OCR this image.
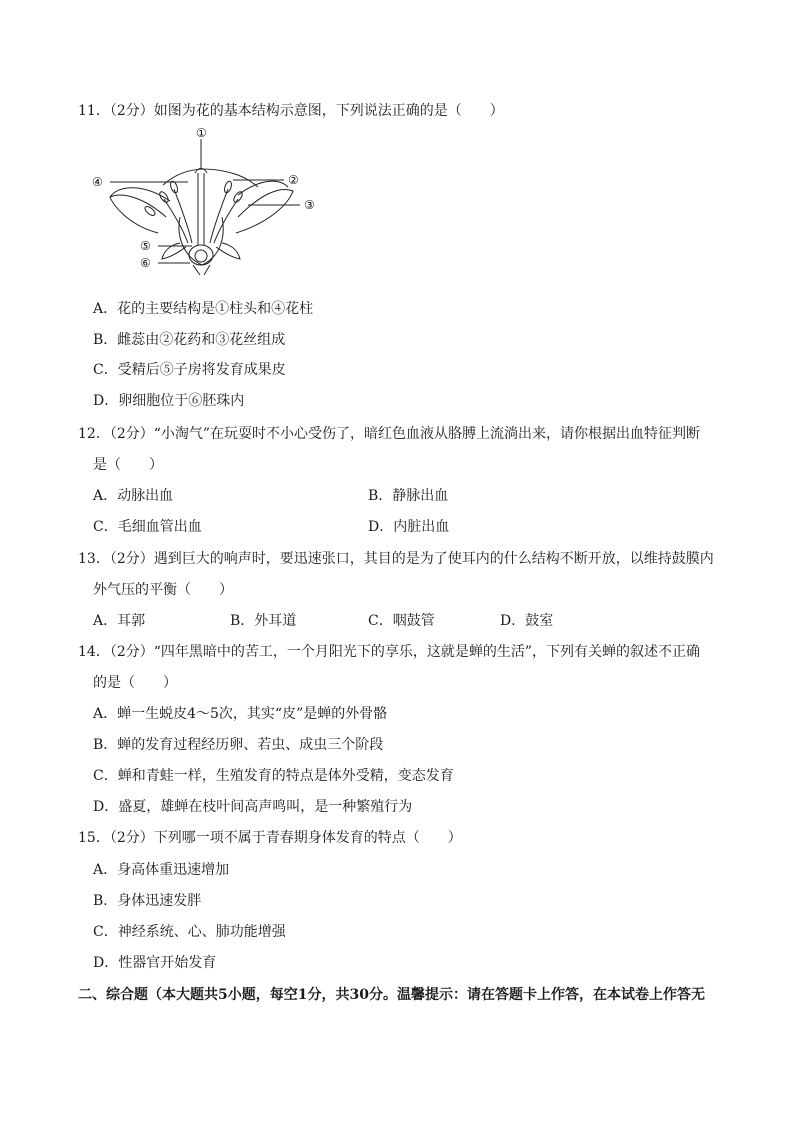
11．（2分）如图为花的基本结构示意图，下列说法正确的是（　　）
①
②
③
④
⑤
⑥
A．花的主要结构是①柱头和④花柱
B．雌蕊由②花药和③花丝组成
C．受精后⑤子房将发育成果皮
D．卵细胞位于⑥胚珠内
12．（2分）“小淘气”在玩耍时不小心受伤了，暗红色血液从胳膊上流淌出来，请你根据出血特征判断
是（　　）
A．动脉出血	B．静脉出血
C．毛细血管出血	D．内脏出血
13．（2分）遇到巨大的响声时，要迅速张口，其目的是为了使耳内的什么结构不断开放，以维持鼓膜内
外气压的平衡（　　）
A．耳郭	B．外耳道	C．咽鼓管	D．鼓室
14．（2分）“四年黑暗中的苦工，一个月阳光下的享乐，这就是蝉的生活”，下列有关蝉的叙述不正确
的是（　　）
A．蝉一生蜕皮4～5次，其实“皮”是蝉的外骨骼
B．蝉的发育过程经历卵、若虫、成虫三个阶段
C．蝉和青蛙一样，生殖发育的特点是体外受精，变态发育
D．盛夏，雄蝉在枝叶间高声鸣叫，是一种繁殖行为
15．（2分）下列哪一项不属于青春期身体发育的特点（　　）
A．身高体重迅速增加
B．身体迅速发胖
C．神经系统、心、肺功能增强
D．性器官开始发育
二、综合题（本大题共5小题，每空1分，共30分。温馨提示：请在答题卡上作答，在本试卷上作答无
